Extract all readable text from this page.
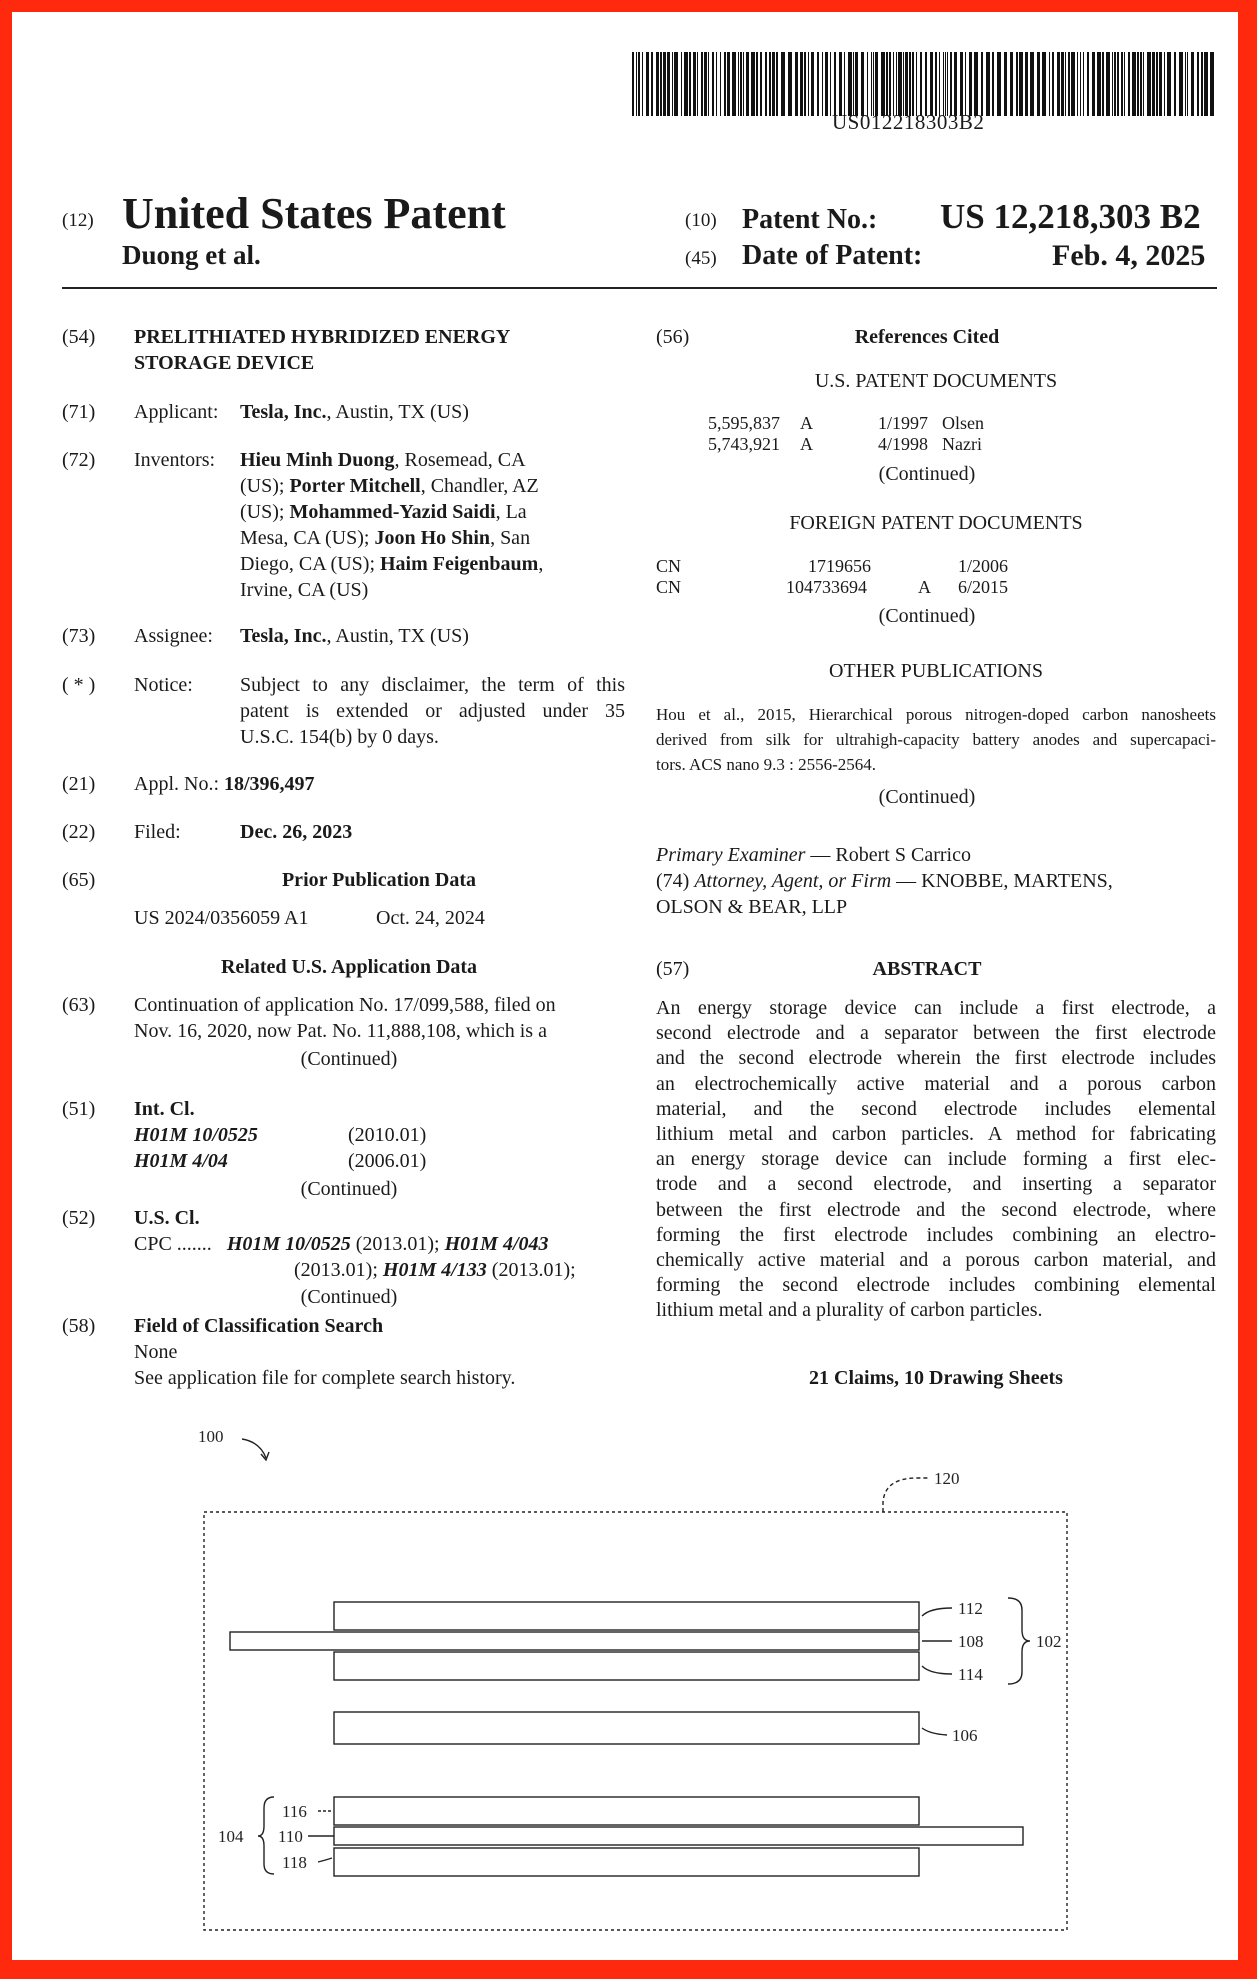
US012218303B2
(12) United States Patent
Duong et al.
(10) Patent No.: US 12,218,303 B2
(45) Date of Patent:	Feb. 4, 2025
(54) PRELITHIATED HYBRIDIZED ENERGY
STORAGE DEVICE
(71) Applicant: Tesla, Inc., Austin, TX (US)
(72) Inventors: Hieu Minh Duong, Rosemead, CA
(US); Porter Mitchell, Chandler, AZ
(US); Mohammed-Yazid Saidi, La
Mesa, CA (US); Joon Ho Shin, San
Diego, CA (US); Haim Feigenbaum,
Irvine, CA (US)
(73) Assignee: Tesla, Inc., Austin, TX (US)
( * ) Notice: Subject to any disclaimer, the term of this
patent is extended or adjusted under 35
U.S.C. 154(b) by 0 days.
(21) Appl. No.: 18/396,497
(22) Filed:	Dec. 26, 2023
(65)	Prior Publication Data
US 2024/0356059 A1	Oct. 24, 2024
Related U.S. Application Data
(63) Continuation of application No. 17/099,588, filed on
Nov. 16, 2020, now Pat. No. 11,888,108, which is a
(Continued)
(51) Int. Cl.
H01M 10/0525	(2010.01)
H01M 4/04	(2006.01)
(Continued)
(52) U.S. Cl.
CPC ....... H01M 10/0525 (2013.01); H01M 4/043
(2013.01); H01M 4/133 (2013.01);
(Continued)
(58) Field of Classification Search
None
See application file for complete search history.
(56)	References Cited
U.S. PATENT DOCUMENTS
5,595,837 A	1/1997 Olsen
5,743,921 A	4/1998 Nazri
(Continued)
FOREIGN PATENT DOCUMENTS
CN	1719656	1/2006
CN	104733694	A 6/2015
(Continued)
OTHER PUBLICATIONS
Hou et al., 2015, Hierarchical porous nitrogen-doped carbon nanosheets
derived from silk for ultrahigh-capacity battery anodes and supercapaci-
tors. ACS nano 9.3 : 2556-2564.
(Continued)
Primary Examiner — Robert S Carrico
(74) Attorney, Agent, or Firm — KNOBBE, MARTENS,
OLSON & BEAR, LLP
(57)	ABSTRACT
An energy storage device can include a first electrode, a
second electrode and a separator between the first electrode
and the second electrode wherein the first electrode includes
an electrochemically active material and a porous carbon
material, and the second electrode includes elemental
lithium metal and carbon particles. A method for fabricating
an energy storage device can include forming a first elec-
trode and a second electrode, and inserting a separator
between the first electrode and the second electrode, where
forming the first electrode includes combining an electro-
chemically active material and a porous carbon material, and
forming the second electrode includes combining elemental
lithium metal and a plurality of carbon particles.
21 Claims, 10 Drawing Sheets
100
120
112
108
114
102
106
116
110
118
104
